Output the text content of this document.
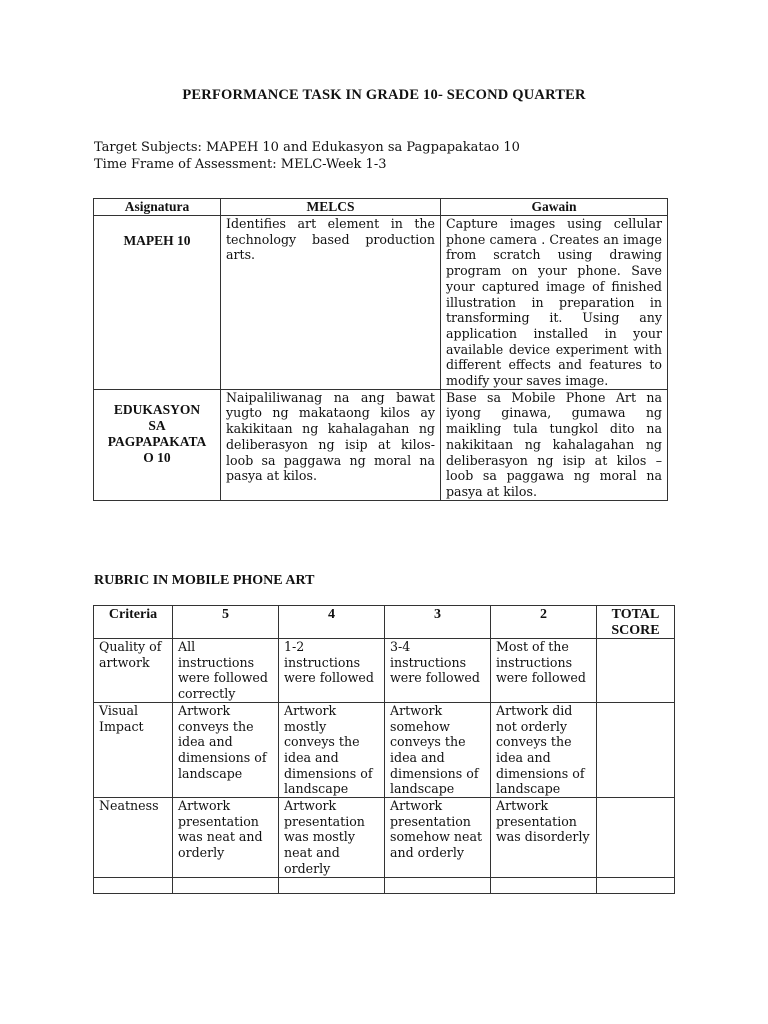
PERFORMANCE TASK IN GRADE 10- SECOND QUARTER
Target Subjects: MAPEH 10 and Edukasyon sa Pagpapakatao 10
Time Frame of Assessment: MELC-Week 1-3
Asignatura	MELCS	Gawain

MAPEH 10	Identifies art element in the technology based production arts.	Capture images using cellular phone camera . Creates an image from scratch using drawing program on your phone. Save your captured image of finished illustration in preparation in transforming it. Using any application installed in your available device experiment with different effects and features to modify your saves image.

EDUKASYON
SA
PAGPAPAKATA
O 10	Naipaliliwanag na ang bawat yugto ng makataong kilos ay kakikitaan ng kahalagahan ng deliberasyon ng isip at kilos-loob sa paggawa ng moral na pasya at kilos.	Base sa Mobile Phone Art na iyong ginawa, gumawa ng maikling tula tungkol dito na nakikitaan ng kahalagahan ng deliberasyon ng isip at kilos –loob sa paggawa ng moral na pasya at kilos.
RUBRIC IN MOBILE PHONE ART
Criteria	5	4	3	2	TOTAL SCORE
Quality of artwork	All instructions were followed correctly	1-2 instructions were followed	3-4 instructions were followed	Most of the instructions were followed	
Visual Impact	Artwork conveys the idea and dimensions of landscape	Artwork mostly conveys the idea and dimensions of landscape	Artwork somehow conveys the idea and dimensions of landscape	Artwork did not orderly conveys the idea and dimensions of landscape	
Neatness	Artwork presentation was neat and orderly	Artwork presentation was mostly neat and orderly	Artwork presentation somehow neat and orderly	Artwork presentation was disorderly	
